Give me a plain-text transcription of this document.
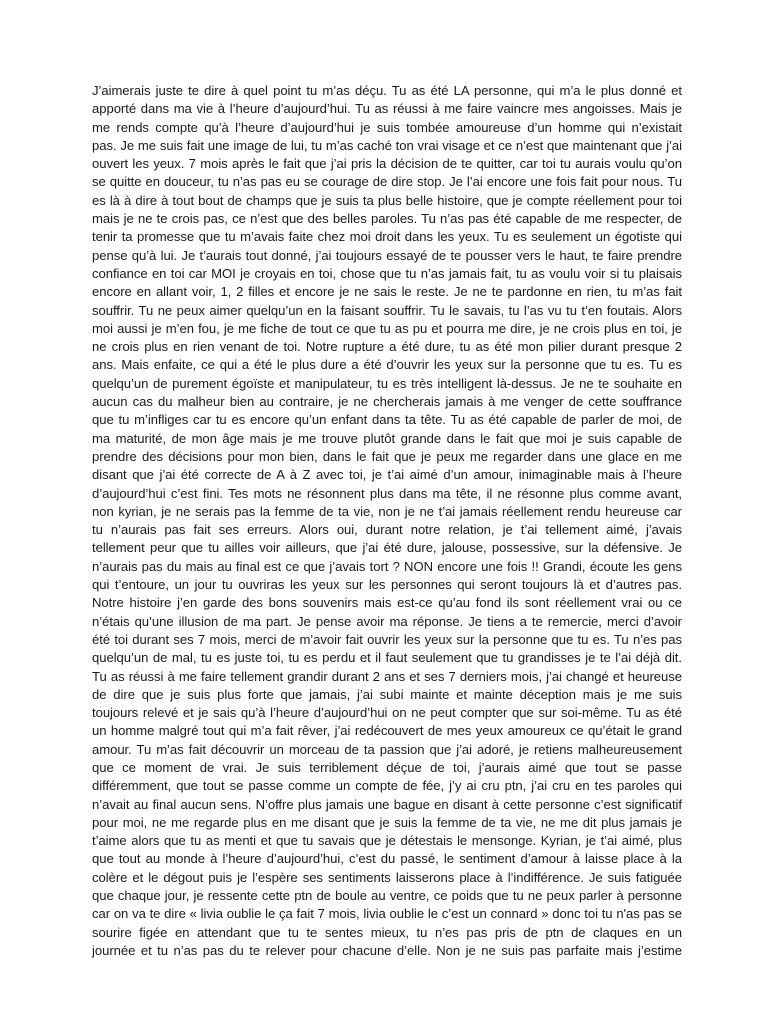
J’aimerais juste te dire à quel point tu m’as déçu. Tu as été LA personne, qui m’a le plus donné et
apporté dans ma vie à l’heure d’aujourd’hui. Tu as réussi à me faire vaincre mes angoisses. Mais je
me rends compte qu’à l’heure d’aujourd’hui je suis tombée amoureuse d’un homme qui n’existait
pas. Je me suis fait une image de lui, tu m’as caché ton vrai visage et ce n’est que maintenant que j’ai
ouvert les yeux. 7 mois après le fait que j’ai pris la décision de te quitter, car toi tu aurais voulu qu’on
se quitte en douceur, tu n’as pas eu se courage de dire stop. Je l’ai encore une fois fait pour nous. Tu
es là à dire à tout bout de champs que je suis ta plus belle histoire, que je compte réellement pour toi
mais je ne te crois pas, ce n’est que des belles paroles. Tu n’as pas été capable de me respecter, de
tenir ta promesse que tu m’avais faite chez moi droit dans les yeux. Tu es seulement un égotiste qui
pense qu’à lui. Je t’aurais tout donné, j’ai toujours essayé de te pousser vers le haut, te faire prendre
confiance en toi car MOI je croyais en toi, chose que tu n’as jamais fait, tu as voulu voir si tu plaisais
encore en allant voir, 1, 2 filles et encore je ne sais le reste. Je ne te pardonne en rien, tu m’as fait
souffrir. Tu ne peux aimer quelqu’un en la faisant souffrir. Tu le savais, tu l’as vu tu t’en foutais. Alors
moi aussi je m’en fou, je me fiche de tout ce que tu as pu et pourra me dire, je ne crois plus en toi, je
ne crois plus en rien venant de toi. Notre rupture a été dure, tu as été mon pilier durant presque 2
ans. Mais enfaite, ce qui a été le plus dure a été d’ouvrir les yeux sur la personne que tu es. Tu es
quelqu’un de purement égoïste et manipulateur, tu es très intelligent là-dessus. Je ne te souhaite en
aucun cas du malheur bien au contraire, je ne chercherais jamais à me venger de cette souffrance
que tu m’infliges car tu es encore qu’un enfant dans ta tête. Tu as été capable de parler de moi, de
ma maturité, de mon âge mais je me trouve plutôt grande dans le fait que moi je suis capable de
prendre des décisions pour mon bien, dans le fait que je peux me regarder dans une glace en me
disant que j’ai été correcte de A à Z avec toi, je t’ai aimé d’un amour, inimaginable mais à l’heure
d’aujourd’hui c’est fini. Tes mots ne résonnent plus dans ma tête, il ne résonne plus comme avant,
non kyrian, je ne serais pas la femme de ta vie, non je ne t’ai jamais réellement rendu heureuse car
tu n’aurais pas fait ses erreurs. Alors oui, durant notre relation, je t’ai tellement aimé, j’avais
tellement peur que tu ailles voir ailleurs, que j’ai été dure, jalouse, possessive, sur la défensive. Je
n’aurais pas du mais au final est ce que j’avais tort ? NON encore une fois !! Grandi, écoute les gens
qui t’entoure, un jour tu ouvriras les yeux sur les personnes qui seront toujours là et d’autres pas.
Notre histoire j’en garde des bons souvenirs mais est-ce qu’au fond ils sont réellement vrai ou ce
n’étais qu’une illusion de ma part. Je pense avoir ma réponse. Je tiens a te remercie, merci d’avoir
été toi durant ses 7 mois, merci de m’avoir fait ouvrir les yeux sur la personne que tu es. Tu n’es pas
quelqu’un de mal, tu es juste toi, tu es perdu et il faut seulement que tu grandisses je te l’ai déjà dit.
Tu as réussi à me faire tellement grandir durant 2 ans et ses 7 derniers mois, j’ai changé et heureuse
de dire que je suis plus forte que jamais, j’ai subi mainte et mainte déception mais je me suis
toujours relevé et je sais qu’à l’heure d’aujourd’hui on ne peut compter que sur soi-même. Tu as été
un homme malgré tout qui m’a fait rêver, j’ai redécouvert de mes yeux amoureux ce qu’était le grand
amour. Tu m’as fait découvrir un morceau de ta passion que j’ai adoré, je retiens malheureusement
que ce moment de vrai. Je suis terriblement déçue de toi, j’aurais aimé que tout se passe
différemment, que tout se passe comme un compte de fée, j’y ai cru ptn, j’ai cru en tes paroles qui
n’avait au final aucun sens. N’offre plus jamais une bague en disant à cette personne c’est significatif
pour moi, ne me regarde plus en me disant que je suis la femme de ta vie, ne me dit plus jamais je
t’aime alors que tu as menti et que tu savais que je détestais le mensonge. Kyrian, je t’ai aimé, plus
que tout au monde à l’heure d’aujourd’hui, c’est du passé, le sentiment d’amour à laisse place à la
colère et le dégout puis je l’espère ses sentiments laisserons place à l’indifférence. Je suis fatiguée
que chaque jour, je ressente cette ptn de boule au ventre, ce poids que tu ne peux parler à personne
car on va te dire « livia oublie le ça fait 7 mois, livia oublie le c’est un connard » donc toi tu n'as pas se
sourire figée en attendant que tu te sentes mieux, tu n’es pas pris de ptn de claques en un
journée et tu n’as pas du te relever pour chacune d’elle. Non je ne suis pas parfaite mais j’estime
